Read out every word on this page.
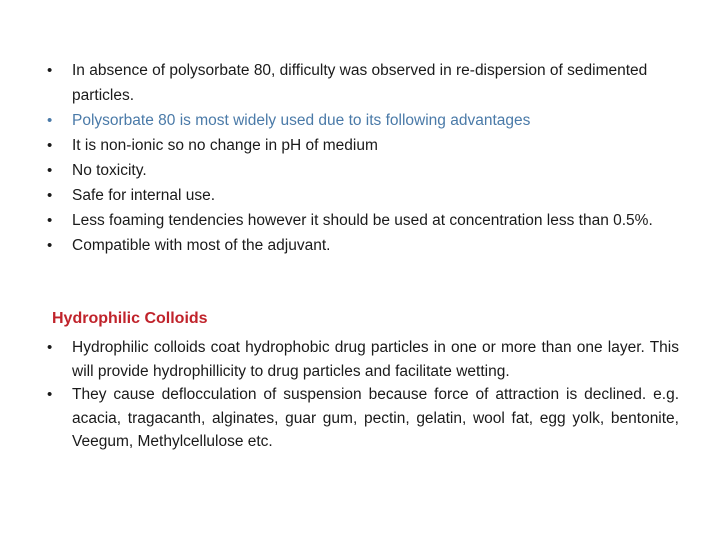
• In absence of polysorbate 80, difficulty was observed in re-dispersion of sedimented particles.
• Polysorbate 80 is most widely used due to its following advantages
• It is non-ionic so no change in pH of medium
• No toxicity.
• Safe for internal use.
• Less foaming tendencies however it should be used at concentration less than 0.5%.
• Compatible with most of the adjuvant.
Hydrophilic Colloids
• Hydrophilic colloids coat hydrophobic drug particles in one or more than one layer. This will provide hydrophillicity to drug particles and facilitate wetting.
• They cause deflocculation of suspension because force of attraction is declined. e.g. acacia, tragacanth, alginates, guar gum, pectin, gelatin, wool fat, egg yolk, bentonite, Veegum, Methylcellulose etc.
